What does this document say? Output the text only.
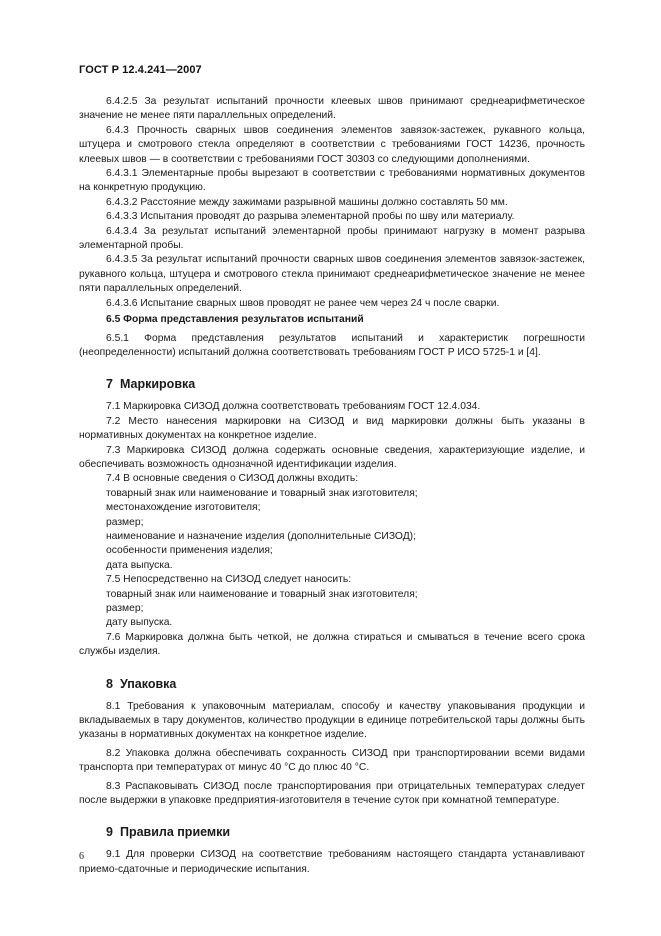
ГОСТ Р 12.4.241—2007

6.4.2.5 За результат испытаний прочности клеевых швов принимают среднеарифметическое значение не менее пяти параллельных определений.

6.4.3 Прочность сварных швов соединения элементов завязок-застежек, рукавного кольца, штуцера и смотрового стекла определяют в соответствии с требованиями ГОСТ 14236, прочность клеевых швов — в соответствии с требованиями ГОСТ 30303 со следующими дополнениями.

6.4.3.1 Элементарные пробы вырезают в соответствии с требованиями нормативных документов на конкретную продукцию.

6.4.3.2 Расстояние между зажимами разрывной машины должно составлять 50 мм.

6.4.3.3 Испытания проводят до разрыва элементарной пробы по шву или материалу.

6.4.3.4 За результат испытаний элементарной пробы принимают нагрузку в момент разрыва элементарной пробы.

6.4.3.5 За результат испытаний прочности сварных швов соединения элементов завязок-застежек, рукавного кольца, штуцера и смотрового стекла принимают среднеарифметическое значение не менее пяти параллельных определений.

6.4.3.6 Испытание сварных швов проводят не ранее чем через 24 ч после сварки.

6.5 Форма представления результатов испытаний

6.5.1 Форма представления результатов испытаний и характеристик погрешности (неопределенности) испытаний должна соответствовать требованиям ГОСТ Р ИСО 5725-1 и [4].

7 Маркировка

7.1 Маркировка СИЗОД должна соответствовать требованиям ГОСТ 12.4.034.

7.2 Место нанесения маркировки на СИЗОД и вид маркировки должны быть указаны в нормативных документах на конкретное изделие.

7.3 Маркировка СИЗОД должна содержать основные сведения, характеризующие изделие, и обеспечивать возможность однозначной идентификации изделия.

7.4 В основные сведения о СИЗОД должны входить:

товарный знак или наименование и товарный знак изготовителя;

местонахождение изготовителя;

размер;

наименование и назначение изделия (дополнительные СИЗОД);

особенности применения изделия;

дата выпуска.

7.5 Непосредственно на СИЗОД следует наносить:

товарный знак или наименование и товарный знак изготовителя;

размер;

дату выпуска.

7.6 Маркировка должна быть четкой, не должна стираться и смываться в течение всего срока службы изделия.

8 Упаковка

8.1 Требования к упаковочным материалам, способу и качеству упаковывания продукции и вкладываемых в тару документов, количество продукции в единице потребительской тары должны быть указаны в нормативных документах на конкретное изделие.

8.2 Упаковка должна обеспечивать сохранность СИЗОД при транспортировании всеми видами транспорта при температурах от минус 40 °С до плюс 40 °С.

8.3 Распаковывать СИЗОД после транспортирования при отрицательных температурах следует после выдержки в упаковке предприятия-изготовителя в течение суток при комнатной температуре.

9 Правила приемки

9.1 Для проверки СИЗОД на соответствие требованиям настоящего стандарта устанавливают приемо-сдаточные и периодические испытания.

6
